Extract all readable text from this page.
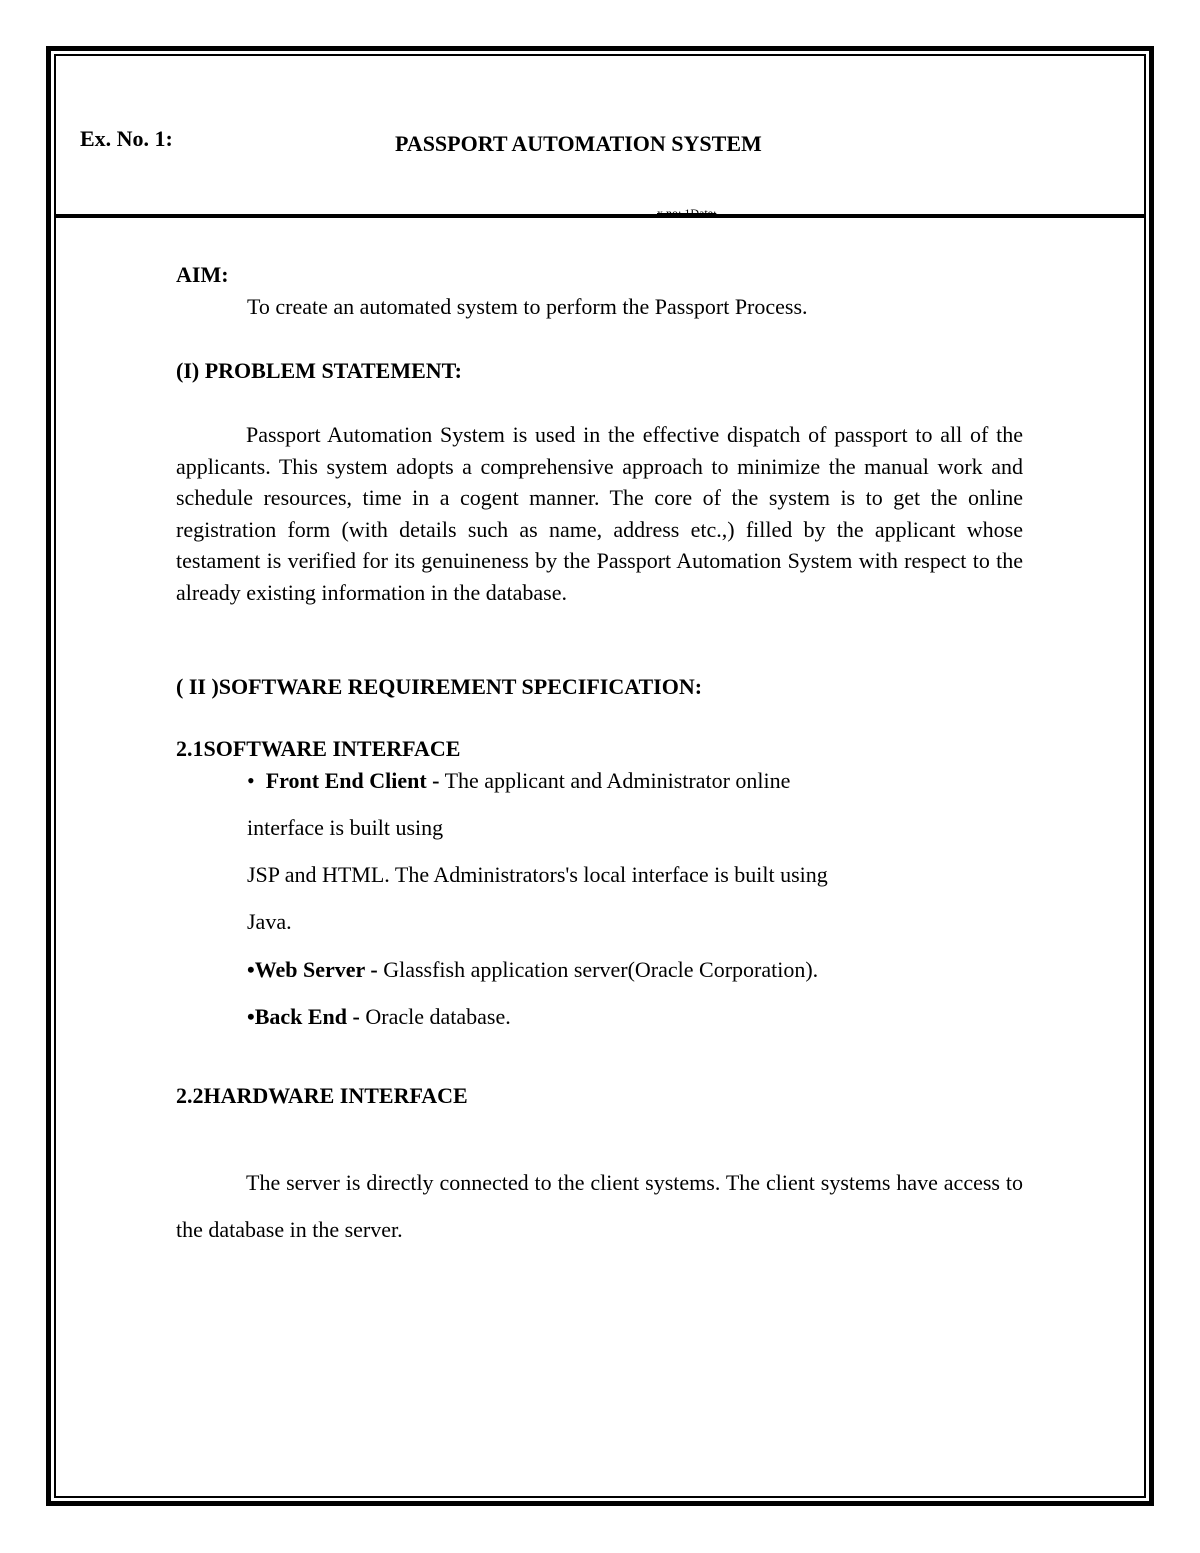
Ex. No. 1:	PASSPORT AUTOMATION SYSTEM
x no: 1Date:
AIM:
To create an automated system to perform the Passport Process.
(I) PROBLEM STATEMENT:
Passport Automation System is used in the effective dispatch of passport to all of the applicants. This system adopts a comprehensive approach to minimize the manual work and schedule resources, time in a cogent manner. The core of the system is to get the online registration form (with details such as name, address etc.,) filled by the applicant whose testament is verified for its genuineness by the Passport Automation System with respect to the already existing information in the database.
( II )SOFTWARE REQUIREMENT SPECIFICATION:
2.1SOFTWARE INTERFACE
• Front End Client - The applicant and Administrator online
interface is built using
JSP and HTML. The Administrators's local interface is built using
Java.
•Web Server - Glassfish application server(Oracle Corporation).
•Back End - Oracle database.
2.2HARDWARE INTERFACE
The server is directly connected to the client systems. The client systems have access to the database in the server.
